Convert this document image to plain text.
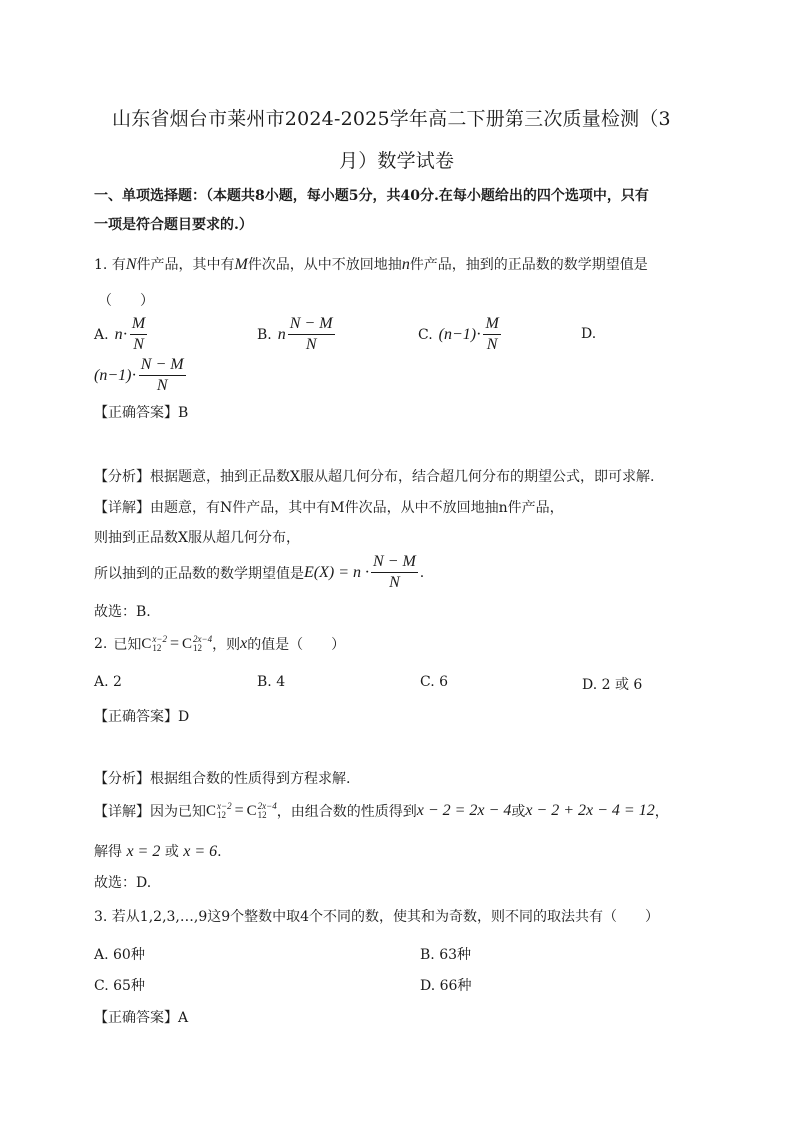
山东省烟台市莱州市2024-2025学年高二下册第三次质量检测（3
月）数学试卷
一、单项选择题：（本题共8小题，每小题5分，共40分.在每小题给出的四个选项中，只有
一项是符合题目要求的.）
1. 有N件产品，其中有M件次品，从中不放回地抽n件产品，抽到的正品数的数学期望值是
（　　）
A. $n \cdot \frac{M}{N}$	B. n $\frac{N - M}{N}$	C. $(n-1) \cdot \frac{M}{N}$	D.
$(n-1) \cdot \frac{N - M}{N}$
【正确答案】B
【分析】根据题意，抽到正品数X服从超几何分布，结合超几何分布的期望公式，即可求解.
【详解】由题意，有N件产品，其中有M件次品，从中不放回地抽n件产品，
则抽到正品数X服从超几何分布，
所以抽到的正品数的数学期望值是 $E(X) = n \cdot \frac{N - M}{N}$ .
故选：B.
2. 已知 C x−2
12 = C 2x−4
12 ，则 x 的值是（　　）
A. 2	B. 4	C. 6	D. 2 或 6
【正确答案】D
【分析】根据组合数的性质得到方程求解.
【详解】因为已知 C x−2
12 = C 2x−4
12 ，由组合数的性质得到 x − 2 = 2x − 4 或 x − 2 + 2x − 4 = 12 ，
解得 x = 2 或 x = 6.
故选：D.
3. 若从1,2,3,…,9这9个整数中取4个不同的数，使其和为奇数，则不同的取法共有（　　）
A. 60种	B. 63种
C. 65种	D. 66种
【正确答案】A
